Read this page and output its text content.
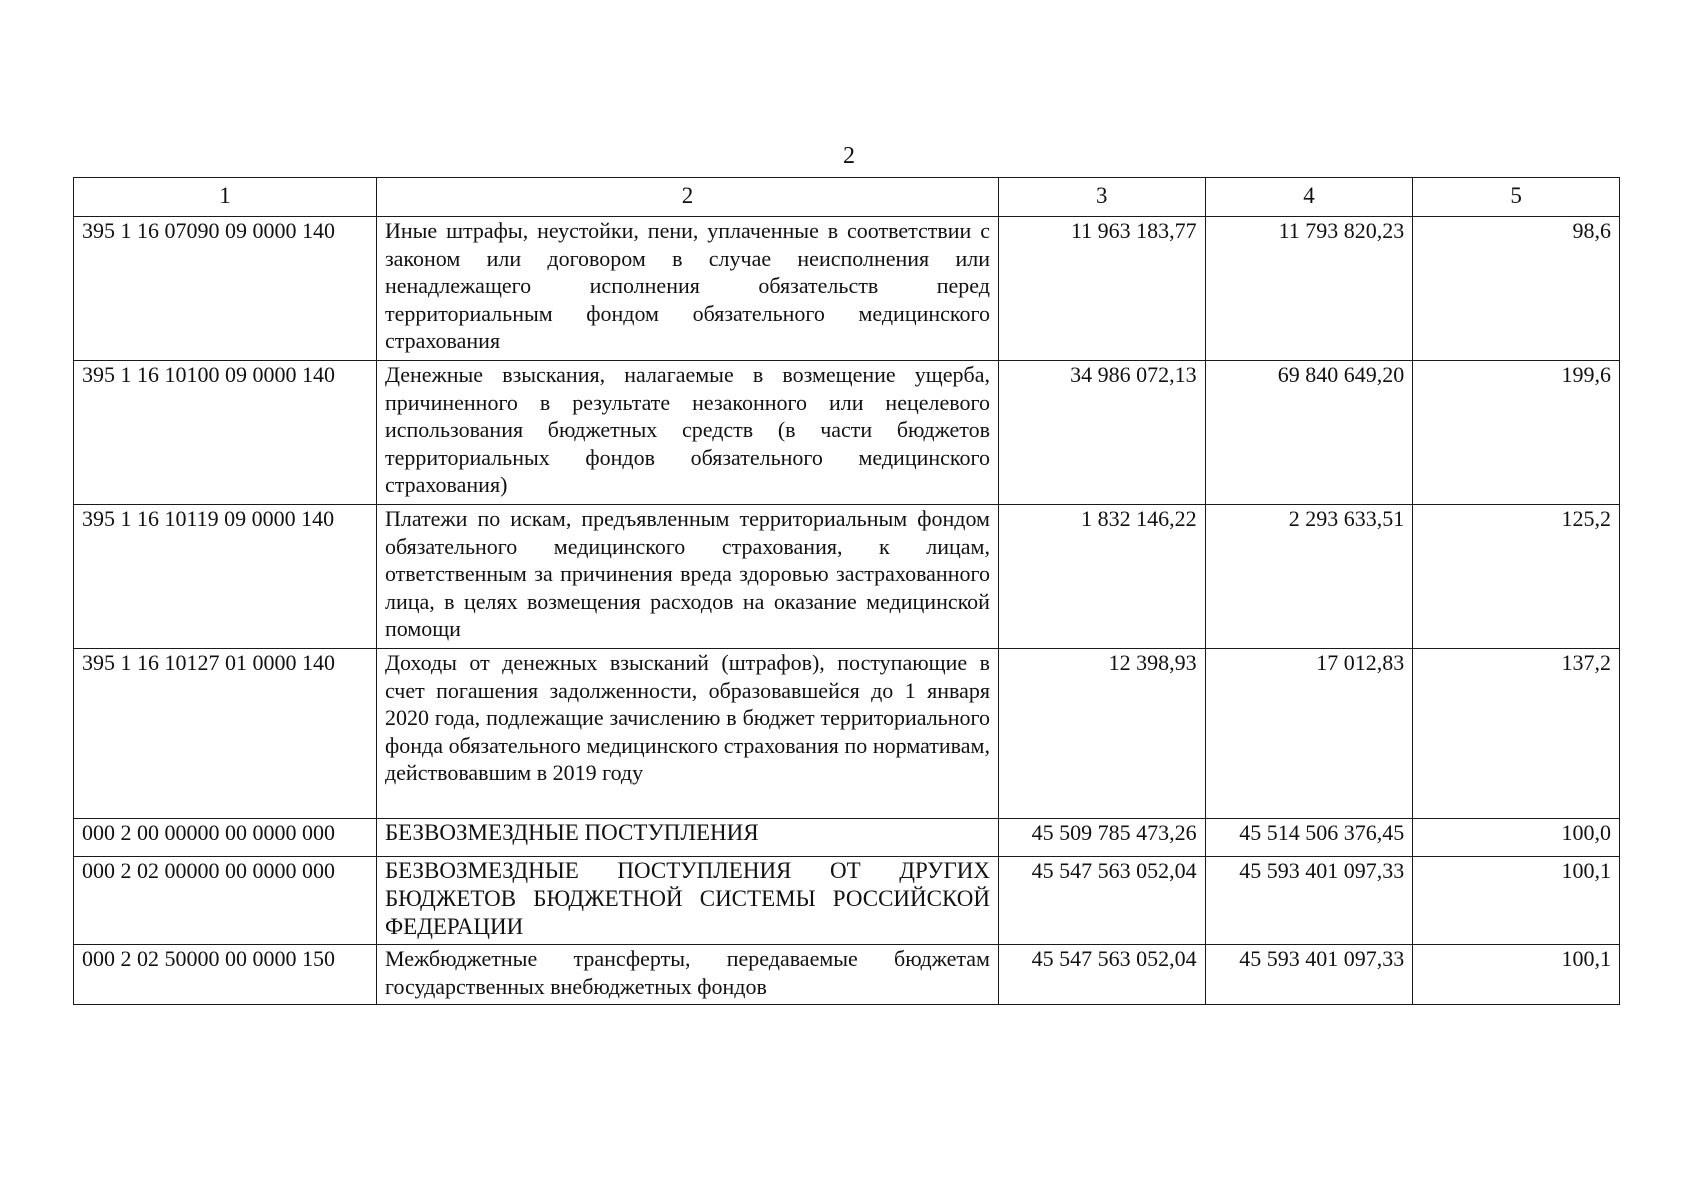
2
1	2	3	4	5
395 1 16 07090 09 0000 140	Иные штрафы, неустойки, пени, уплаченные в соответствии с законом или договором в случае неисполнения или ненадлежащего исполнения обязательств перед территориальным фондом обязательного медицинского страхования	11 963 183,77	11 793 820,23	98,6
395 1 16 10100 09 0000 140	Денежные взыскания, налагаемые в возмещение ущерба, причиненного в результате незаконного или нецелевого использования бюджетных средств (в части бюджетов территориальных фондов обязательного медицинского страхования)	34 986 072,13	69 840 649,20	199,6
395 1 16 10119 09 0000 140	Платежи по искам, предъявленным территориальным фондом обязательного медицинского страхования, к лицам, ответственным за причинения вреда здоровью застрахованного лица, в целях возмещения расходов на оказание медицинской помощи	1 832 146,22	2 293 633,51	125,2
395 1 16 10127 01 0000 140	Доходы от денежных взысканий (штрафов), поступающие в счет погашения задолженности, образовавшейся до 1 января 2020 года, подлежащие зачислению в бюджет территориального фонда обязательного медицинского страхования по нормативам, действовавшим в 2019 году	12 398,93	17 012,83	137,2
000 2 00 00000 00 0000 000	БЕЗВОЗМЕЗДНЫЕ ПОСТУПЛЕНИЯ	45 509 785 473,26	45 514 506 376,45	100,0
000 2 02 00000 00 0000 000	БЕЗВОЗМЕЗДНЫЕ ПОСТУПЛЕНИЯ ОТ ДРУГИХ БЮДЖЕТОВ БЮДЖЕТНОЙ СИСТЕМЫ РОССИЙСКОЙ ФЕДЕРАЦИИ	45 547 563 052,04	45 593 401 097,33	100,1
000 2 02 50000 00 0000 150	Межбюджетные трансферты, передаваемые бюджетам государственных внебюджетных фондов	45 547 563 052,04	45 593 401 097,33	100,1
